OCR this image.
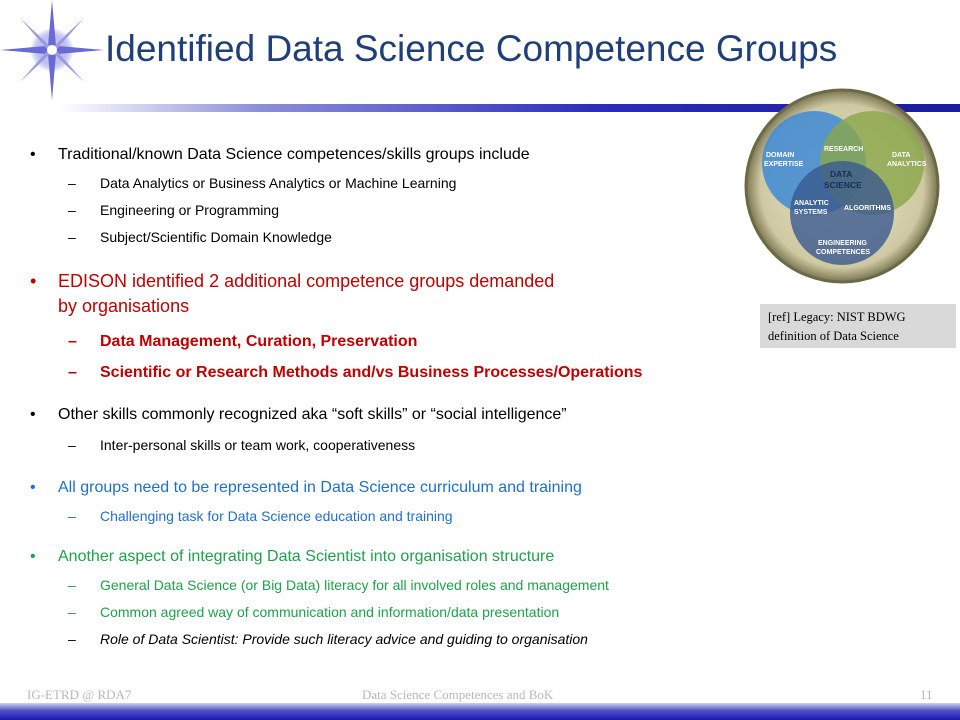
Identified Data Science Competence Groups
• Traditional/known Data Science competences/skills groups include
– Data Analytics or Business Analytics or Machine Learning
– Engineering or Programming
– Subject/Scientific Domain Knowledge
• EDISON identified 2 additional competence groups demanded
by organisations
– Data Management, Curation, Preservation
– Scientific or Research Methods and/vs Business Processes/Operations
• Other skills commonly recognized aka “soft skills” or “social intelligence”
– Inter-personal skills or team work, cooperativeness
• All groups need to be represented in Data Science curriculum and training
– Challenging task for Data Science education and training
• Another aspect of integrating Data Scientist into organisation structure
– General Data Science (or Big Data) literacy for all involved roles and management
– Common agreed way of communication and information/data presentation
– Role of Data Scientist: Provide such literacy advice and guiding to organisation
DOMAIN
EXPERTISE
RESEARCH
DATA
ANALYTICS
DATA
SCIENCE
ANALYTIC
SYSTEMS
ALGORITHMS
ENGINEERING
COMPETENCES
[ref] Legacy: NIST BDWG
definition of Data Science
IG-ETRD @ RDA7	Data Science Competences and BoK	11
